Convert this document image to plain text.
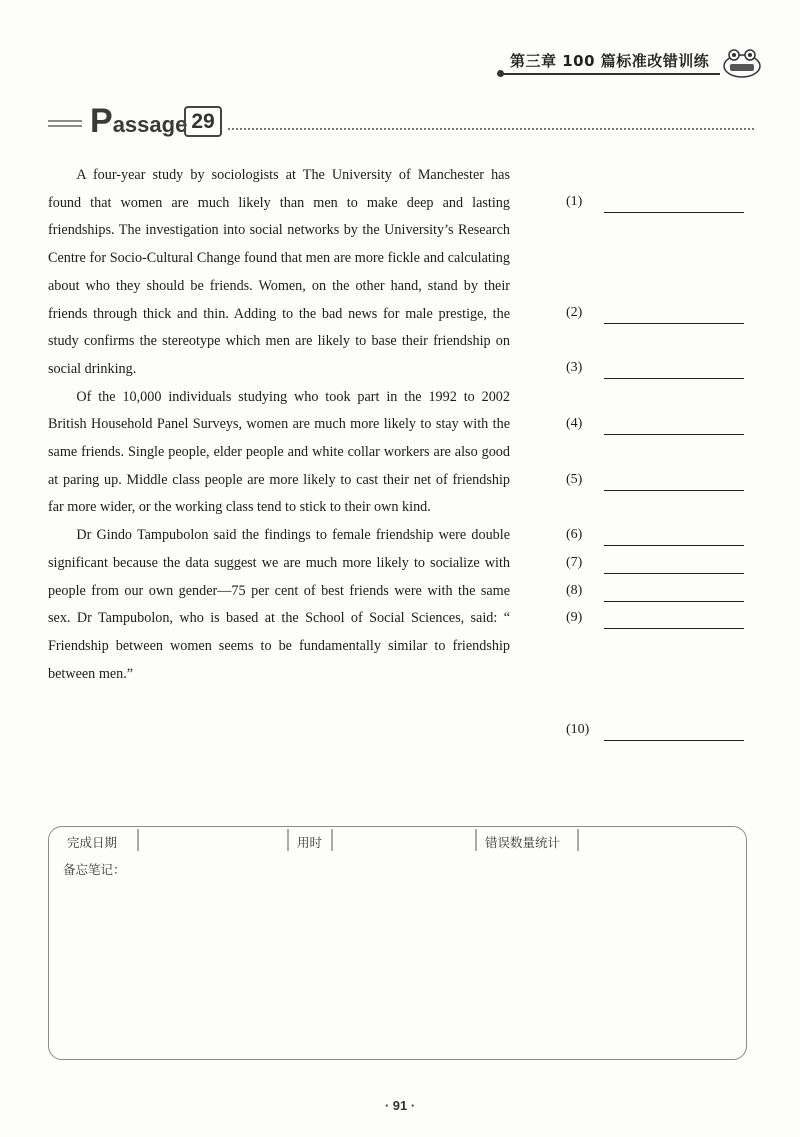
第三章 100 篇标准改错训练
Passage 29

A four-year study by sociologists at The University of Manchester has found that women are much likely than men to make deep and lasting friendships. The investigation into social networks by the University’s Research Centre for Socio-Cultural Change found that men are more fickle and calculating about who they should be friends. Women, on the other hand, stand by their friends through thick and thin. Adding to the bad news for male prestige, the study confirms the stereotype which men are likely to base their friendship on social drinking.

Of the 10,000 individuals studying who took part in the 1992 to 2002 British Household Panel Surveys, women are much more likely to stay with the same friends. Single people, elder people and white collar workers are also good at paring up. Middle class people are more likely to cast their net of friendship far more wider, or the working class tend to stick to their own kind.

Dr Gindo Tampubolon said the findings to female friendship were double significant because the data suggest we are much more likely to socialize with people from our own gender—75 per cent of best friends were with the same sex. Dr Tampubolon, who is based at the School of Social Sciences, said: “ Friendship between women seems to be fundamentally similar to friendship between men.”

(1)
(2)
(3)
(4)
(5)
(6)
(7)
(8)
(9)
(10)
完成日期	用时	错误数量统计
备忘笔记：
· 91 ·
